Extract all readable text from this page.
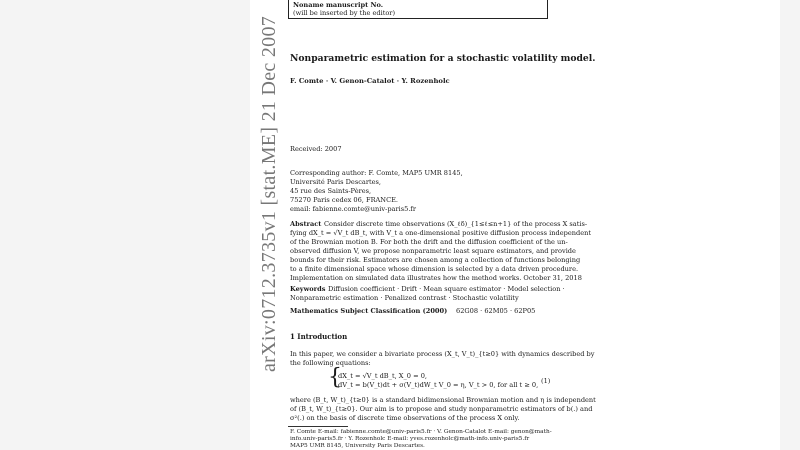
arXiv:0712.3735v1 [stat.ME] 21 Dec 2007
Noname manuscript No.
(will be inserted by the editor)
Nonparametric estimation for a stochastic volatility model.
F. Comte · V. Genon-Catalot · Y. Rozenholc
Received: 2007
Corresponding author: F. Comte, MAP5 UMR 8145,
Université Paris Descartes,
45 rue des Saints-Pères,
75270 Paris cedex 06, FRANCE.
email: fabienne.comte@univ-paris5.fr
Abstract Consider discrete time observations (X_ℓδ)_{1≤ℓ≤n+1} of the process X satis-
fying dX_t = √V_t dB_t, with V_t a one-dimensional positive diffusion process independent
of the Brownian motion B. For both the drift and the diffusion coefficient of the un-
observed diffusion V, we propose nonparametric least square estimators, and provide
bounds for their risk. Estimators are chosen among a collection of functions belonging
to a finite dimensional space whose dimension is selected by a data driven procedure.
Implementation on simulated data illustrates how the method works. October 31, 2018
Keywords Diffusion coefficient · Drift · Mean square estimator · Model selection ·
Nonparametric estimation · Penalized contrast · Stochastic volatility
Mathematics Subject Classification (2000) 62G08 · 62M05 · 62P05
1 Introduction
In this paper, we consider a bivariate process (X_t, V_t)_{t≥0} with dynamics described by
the following equations:
{
dX_t = √V_t dB_t, X_0 = 0,
dV_t = b(V_t)dt + σ(V_t)dW_t V_0 = η, V_t > 0, for all t ≥ 0, (1)
where (B_t, W_t)_{t≥0} is a standard bidimensional Brownian motion and η is independent
of (B_t, W_t)_{t≥0}. Our aim is to propose and study nonparametric estimators of b(.) and
σ²(.) on the basis of discrete time observations of the process X only.
F. Comte E-mail: fabienne.comte@univ-paris5.fr · V. Genon-Catalot E-mail: genon@math-
info.univ-paris5.fr · Y. Rozenholc E-mail: yves.rozenholc@math-info.univ-paris5.fr
MAP5 UMR 8145, University Paris Descartes.
